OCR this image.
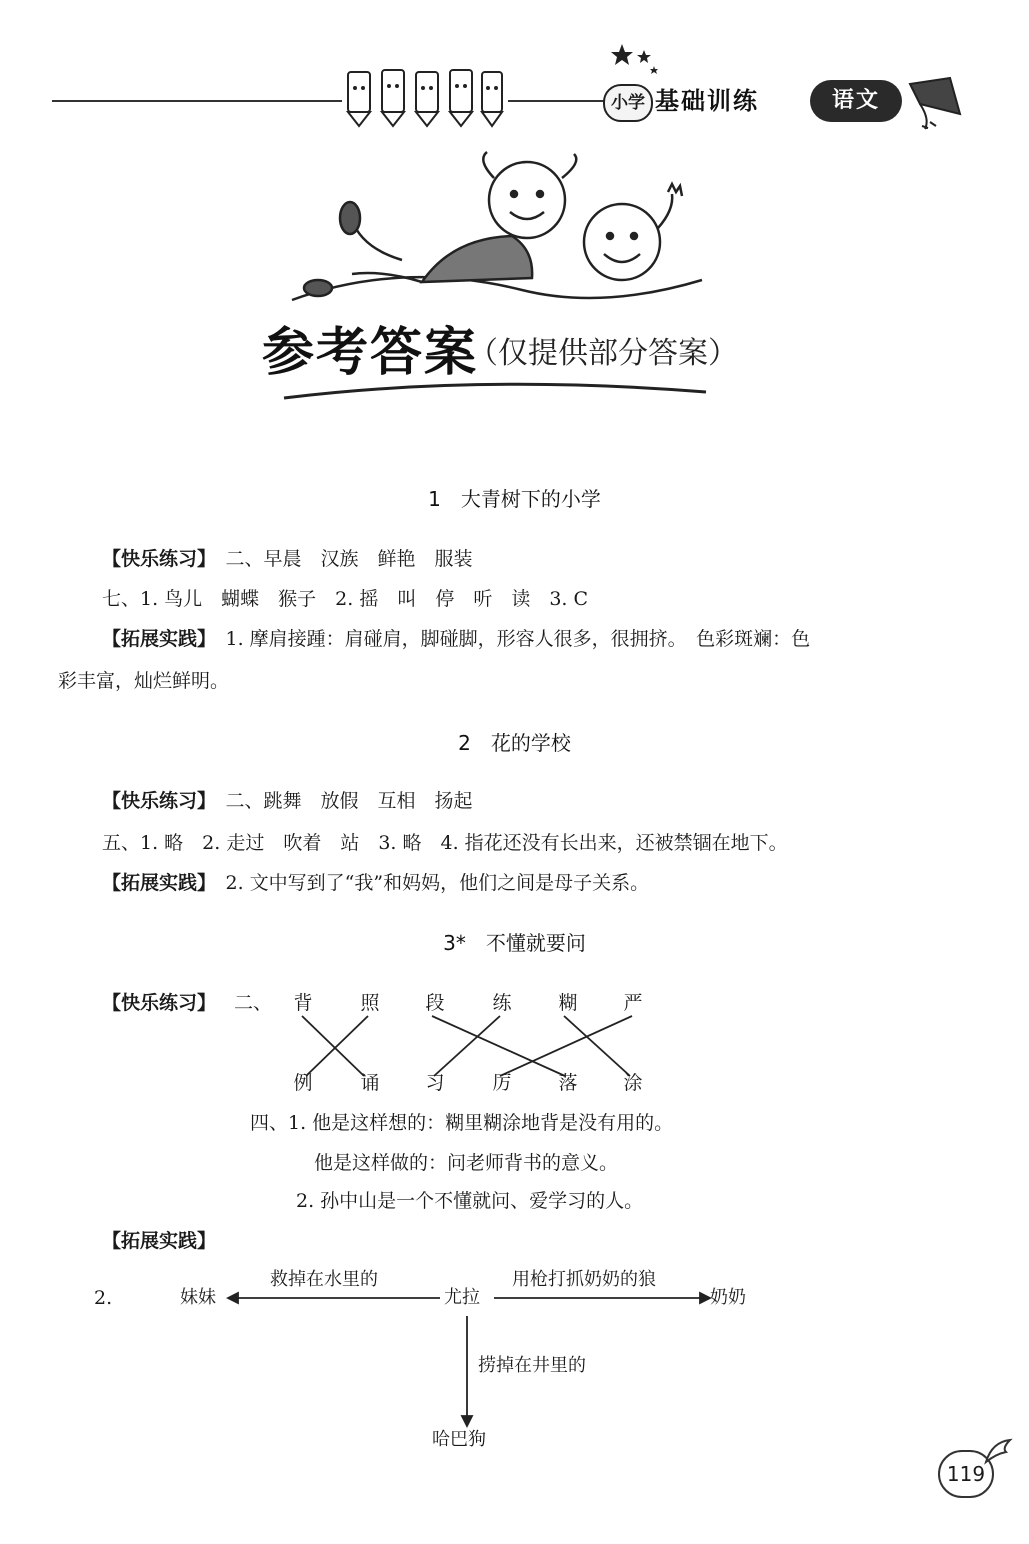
小学 基础训练	语文
参考答案
（仅提供部分答案）
1　大青树下的小学
【快乐练习】　二、早晨　汉族　鲜艳　服装
七、1. 鸟儿　蝴蝶　猴子　2. 摇　叫　停　听　读　3. C
【拓展实践】　1. 摩肩接踵：肩碰肩，脚碰脚，形容人很多，很拥挤。　色彩斑斓：色
彩丰富，灿烂鲜明。
2　花的学校
【快乐练习】　二、跳舞　放假　互相　扬起
五、1. 略　2. 走过　吹着　站　3. 略　4. 指花还没有长出来，还被禁锢在地下。
【拓展实践】　2. 文中写到了“我”和妈妈，他们之间是母子关系。
3*　不懂就要问
【快乐练习】 二、 背	照 段	练 糊 严
例	诵 习	厉 落 涂
四、1. 他是这样想的：糊里糊涂地背是没有用的。
他是这样做的：问老师背书的意义。
2. 孙中山是一个不懂就问、爱学习的人。
【拓展实践】
2.	妹妹	尤拉	奶奶
救掉在水里的	用枪打抓奶奶的狼
捞掉在井里的
哈巴狗
119
